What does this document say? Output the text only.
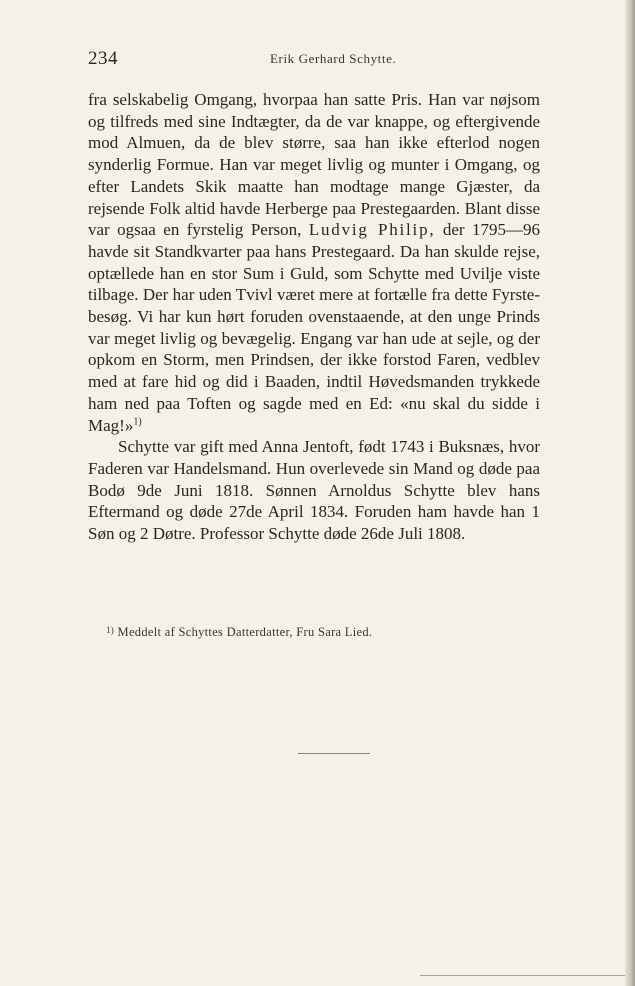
234	Erik Gerhard Schytte.

fra selskabelig Omgang, hvorpaa han satte Pris. Han var nøjsom og tilfreds med sine Indtægter, da de var knappe, og eftergivende mod Almuen, da de blev større, saa han ikke efterlod nogen synderlig Formue. Han var meget livlig og munter i Omgang, og efter Landets Skik maatte han modtage mange Gjæster, da rejsende Folk altid havde Herberge paa Prestegaarden. Blant disse var ogsaa en fyrstelig Person, Ludvig Philip, der 1795—96 havde sit Standkvarter paa hans Prestegaard. Da han skulde rejse, optællede han en stor Sum i Guld, som Schytte med Uvilje viste tilbage. Der har uden Tvivl været mere at fortælle fra dette Fyrstebesøg. Vi har kun hørt foruden ovenstaaende, at den unge Prinds var meget livlig og bevægelig. Engang var han ude at sejle, og der opkom en Storm, men Prindsen, der ikke forstod Faren, vedblev med at fare hid og did i Baaden, indtil Høvedsmanden trykkede ham ned paa Toften og sagde med en Ed: «nu skal du sidde i Mag!»$^{1)}$

Schytte var gift med Anna Jentoft, født 1743 i Buksnæs, hvor Faderen var Handelsmand. Hun overlevede sin Mand og døde paa Bodø 9de Juni 1818. Sønnen Arnoldus Schytte blev hans Eftermand og døde 27de April 1834. Foruden ham havde han 1 Søn og 2 Døtre. Professor Schytte døde 26de Juli 1808.

$^{1)}$ Meddelt af Schyttes Datterdatter, Fru Sara Lied.
